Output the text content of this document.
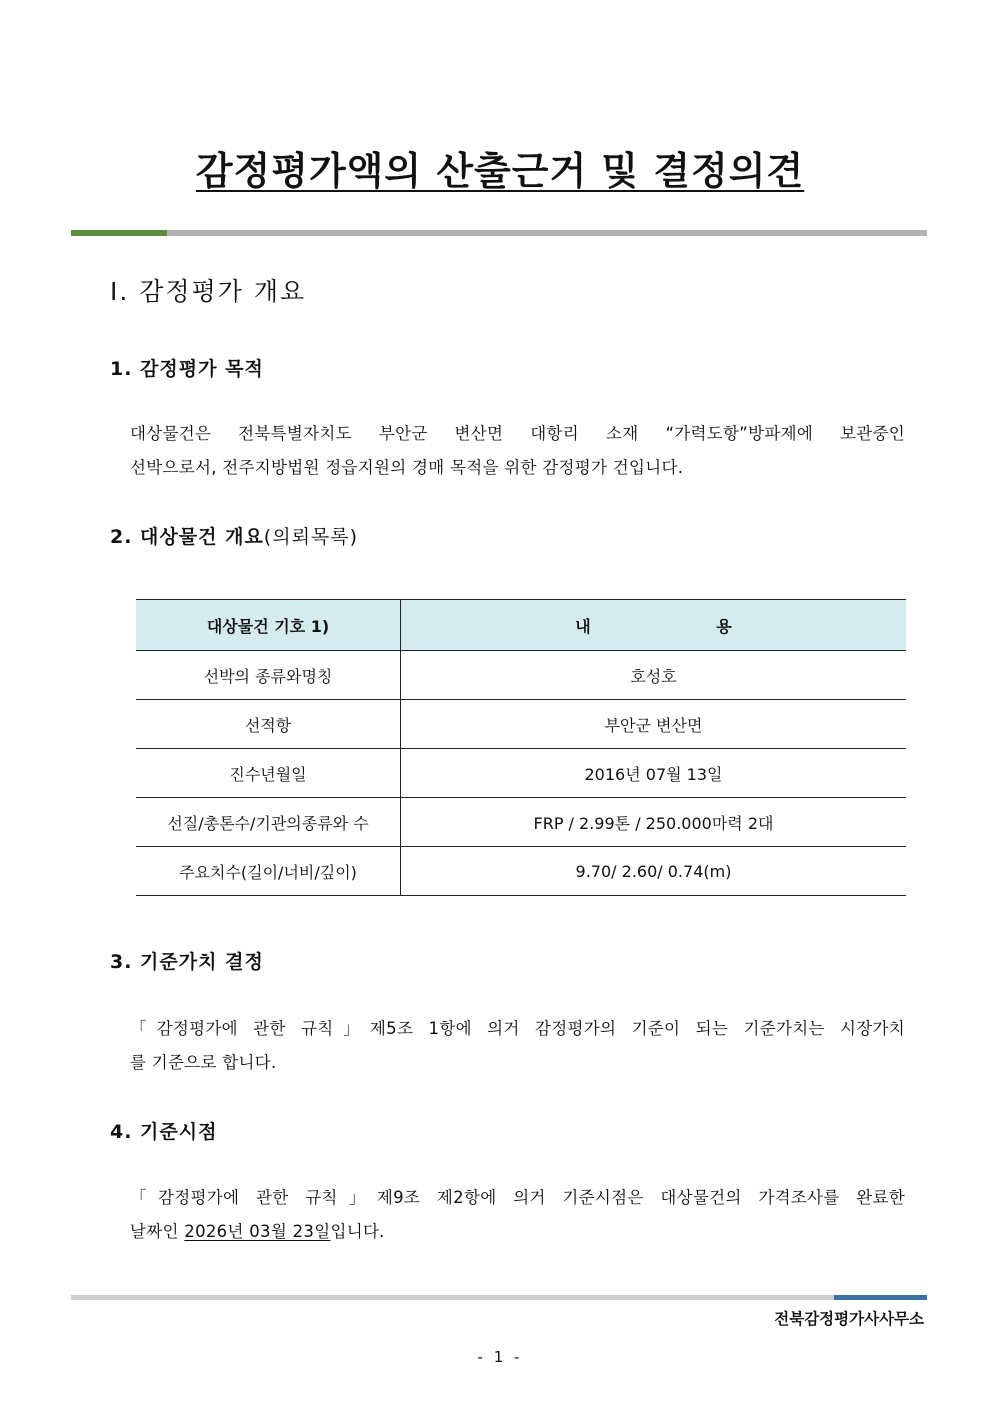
감정평가액의 산출근거 및 결정의견
Ⅰ. 감정평가 개요
1. 감정평가 목적
대상물건은 전북특별자치도 부안군 변산면 대항리 소재 “가력도항”방파제에 보관중인
선박으로서, 전주지방법원 정읍지원의 경매 목적을 위한 감정평가 건입니다.
2. 대상물건 개요(의뢰목록)
대상물건 기호 1)	내 용
선박의 종류와명칭	호성호
선적항	부안군 변산면
진수년월일	2016년 07월 13일
선질/총톤수/기관의종류와 수	FRP / 2.99톤 / 250.000마력 2대
주요치수(길이/너비/깊이)	9.70/ 2.60/ 0.74(m)
3. 기준가치 결정
「감정평가에 관한 규칙」제5조 1항에 의거 감정평가의 기준이 되는 기준가치는 시장가치
를 기준으로 합니다.
4. 기준시점
「감정평가에 관한 규칙」제9조 제2항에 의거 기준시점은 대상물건의 가격조사를 완료한
날짜인 2026년 03월 23일입니다.
전북감정평가사사무소
- 1 -
